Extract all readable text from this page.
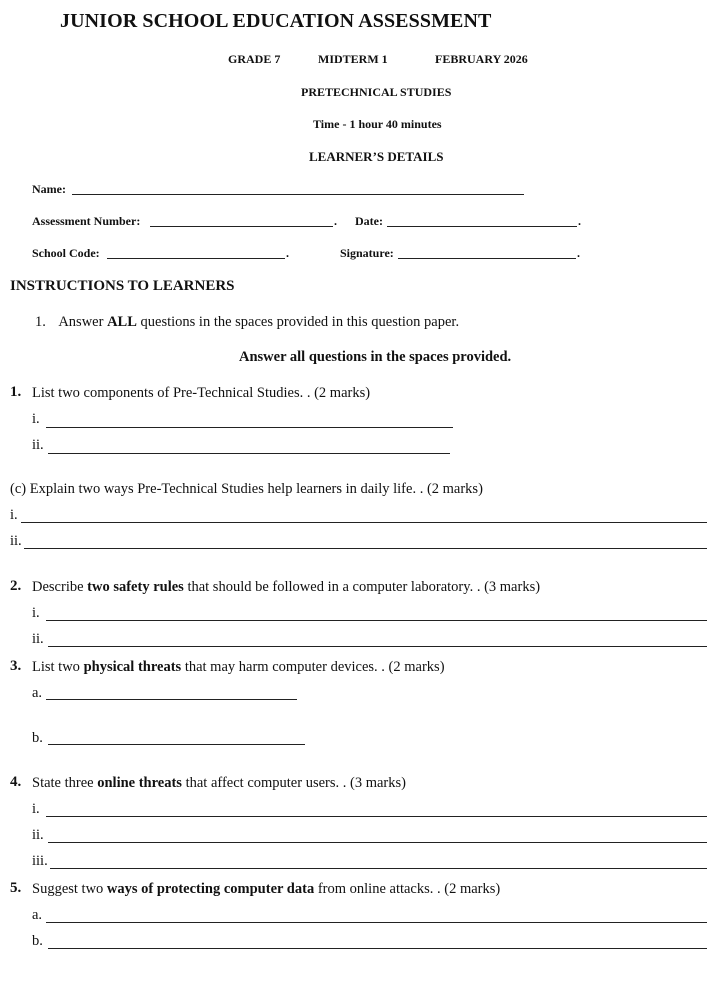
JUNIOR SCHOOL EDUCATION ASSESSMENT
GRADE 7	MIDTERM 1	FEBRUARY 2026
PRETECHNICAL STUDIES
Time - 1 hour 40 minutes
LEARNER’S DETAILS
Name:
Assessment Number:	. Date:	.
School Code:	.	Signature:	.
INSTRUCTIONS TO LEARNERS
1. Answer ALL questions in the spaces provided in this question paper.
Answer all questions in the spaces provided.
1. List two components of Pre-Technical Studies. . (2 marks)
i.
ii.
(c) Explain two ways Pre-Technical Studies help learners in daily life. . (2 marks)
i.
ii.
2. Describe two safety rules that should be followed in a computer laboratory. . (3 marks)
i.
ii.
3. List two physical threats that may harm computer devices. . (2 marks)
a.
b.
4. State three online threats that affect computer users. . (3 marks)
i.
ii.
iii.
5. Suggest two ways of protecting computer data from online attacks. . (2 marks)
a.
b.
